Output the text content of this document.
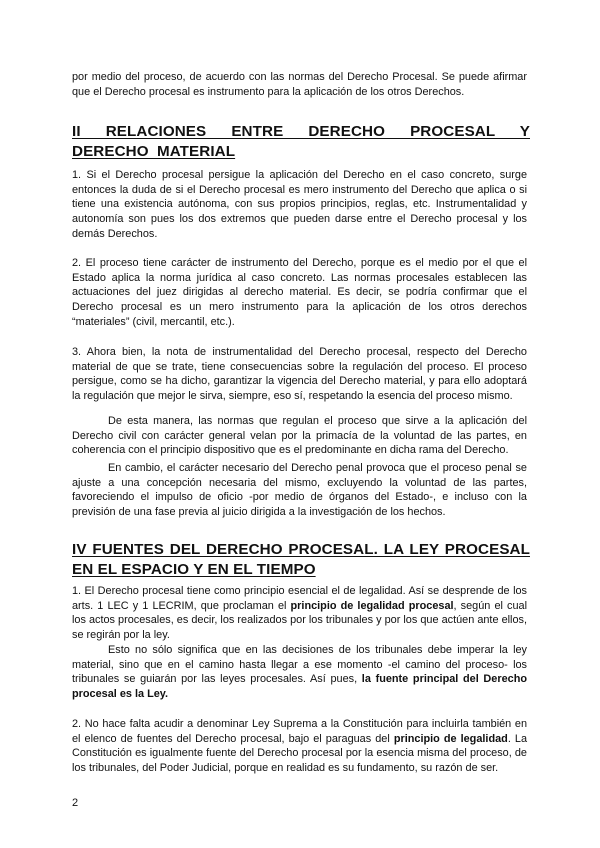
por medio del proceso, de acuerdo con las normas del Derecho Procesal. Se puede afirmar que el Derecho procesal es instrumento para la aplicación de los otros Derechos.

II RELACIONES ENTRE DERECHO PROCESAL Y DERECHO MATERIAL

1. Si el Derecho procesal persigue la aplicación del Derecho en el caso concreto, surge entonces la duda de si el Derecho procesal es mero instrumento del Derecho que aplica o si tiene una existencia autónoma, con sus propios principios, reglas, etc. Instrumentalidad y autonomía son pues los dos extremos que pueden darse entre el Derecho procesal y los demás Derechos.

2. El proceso tiene carácter de instrumento del Derecho, porque es el medio por el que el Estado aplica la norma jurídica al caso concreto. Las normas procesales establecen las actuaciones del juez dirigidas al derecho material. Es decir, se podría confirmar que el Derecho procesal es un mero instrumento para la aplicación de los otros derechos “materiales” (civil, mercantil, etc.).

3. Ahora bien, la nota de instrumentalidad del Derecho procesal, respecto del Derecho material de que se trate, tiene consecuencias sobre la regulación del proceso. El proceso persigue, como se ha dicho, garantizar la vigencia del Derecho material, y para ello adoptará la regulación que mejor le sirva, siempre, eso sí, respetando la esencia del proceso mismo.

De esta manera, las normas que regulan el proceso que sirve a la aplicación del Derecho civil con carácter general velan por la primacía de la voluntad de las partes, en coherencia con el principio dispositivo que es el predominante en dicha rama del Derecho.

En cambio, el carácter necesario del Derecho penal provoca que el proceso penal se ajuste a una concepción necesaria del mismo, excluyendo la voluntad de las partes, favoreciendo el impulso de oficio -por medio de órganos del Estado-, e incluso con la previsión de una fase previa al juicio dirigida a la investigación de los hechos.

IV FUENTES DEL DERECHO PROCESAL. LA LEY PROCESAL EN EL ESPACIO Y EN EL TIEMPO

1. El Derecho procesal tiene como principio esencial el de legalidad. Así se desprende de los arts. 1 LEC y 1 LECRIM, que proclaman el principio de legalidad procesal, según el cual los actos procesales, es decir, los realizados por los tribunales y por los que actúen ante ellos, se regirán por la ley.

Esto no sólo significa que en las decisiones de los tribunales debe imperar la ley material, sino que en el camino hasta llegar a ese momento -el camino del proceso- los tribunales se guiarán por las leyes procesales. Así pues, la fuente principal del Derecho procesal es la Ley.

2. No hace falta acudir a denominar Ley Suprema a la Constitución para incluirla también en el elenco de fuentes del Derecho procesal, bajo el paraguas del principio de legalidad. La Constitución es igualmente fuente del Derecho procesal por la esencia misma del proceso, de los tribunales, del Poder Judicial, porque en realidad es su fundamento, su razón de ser.

2
